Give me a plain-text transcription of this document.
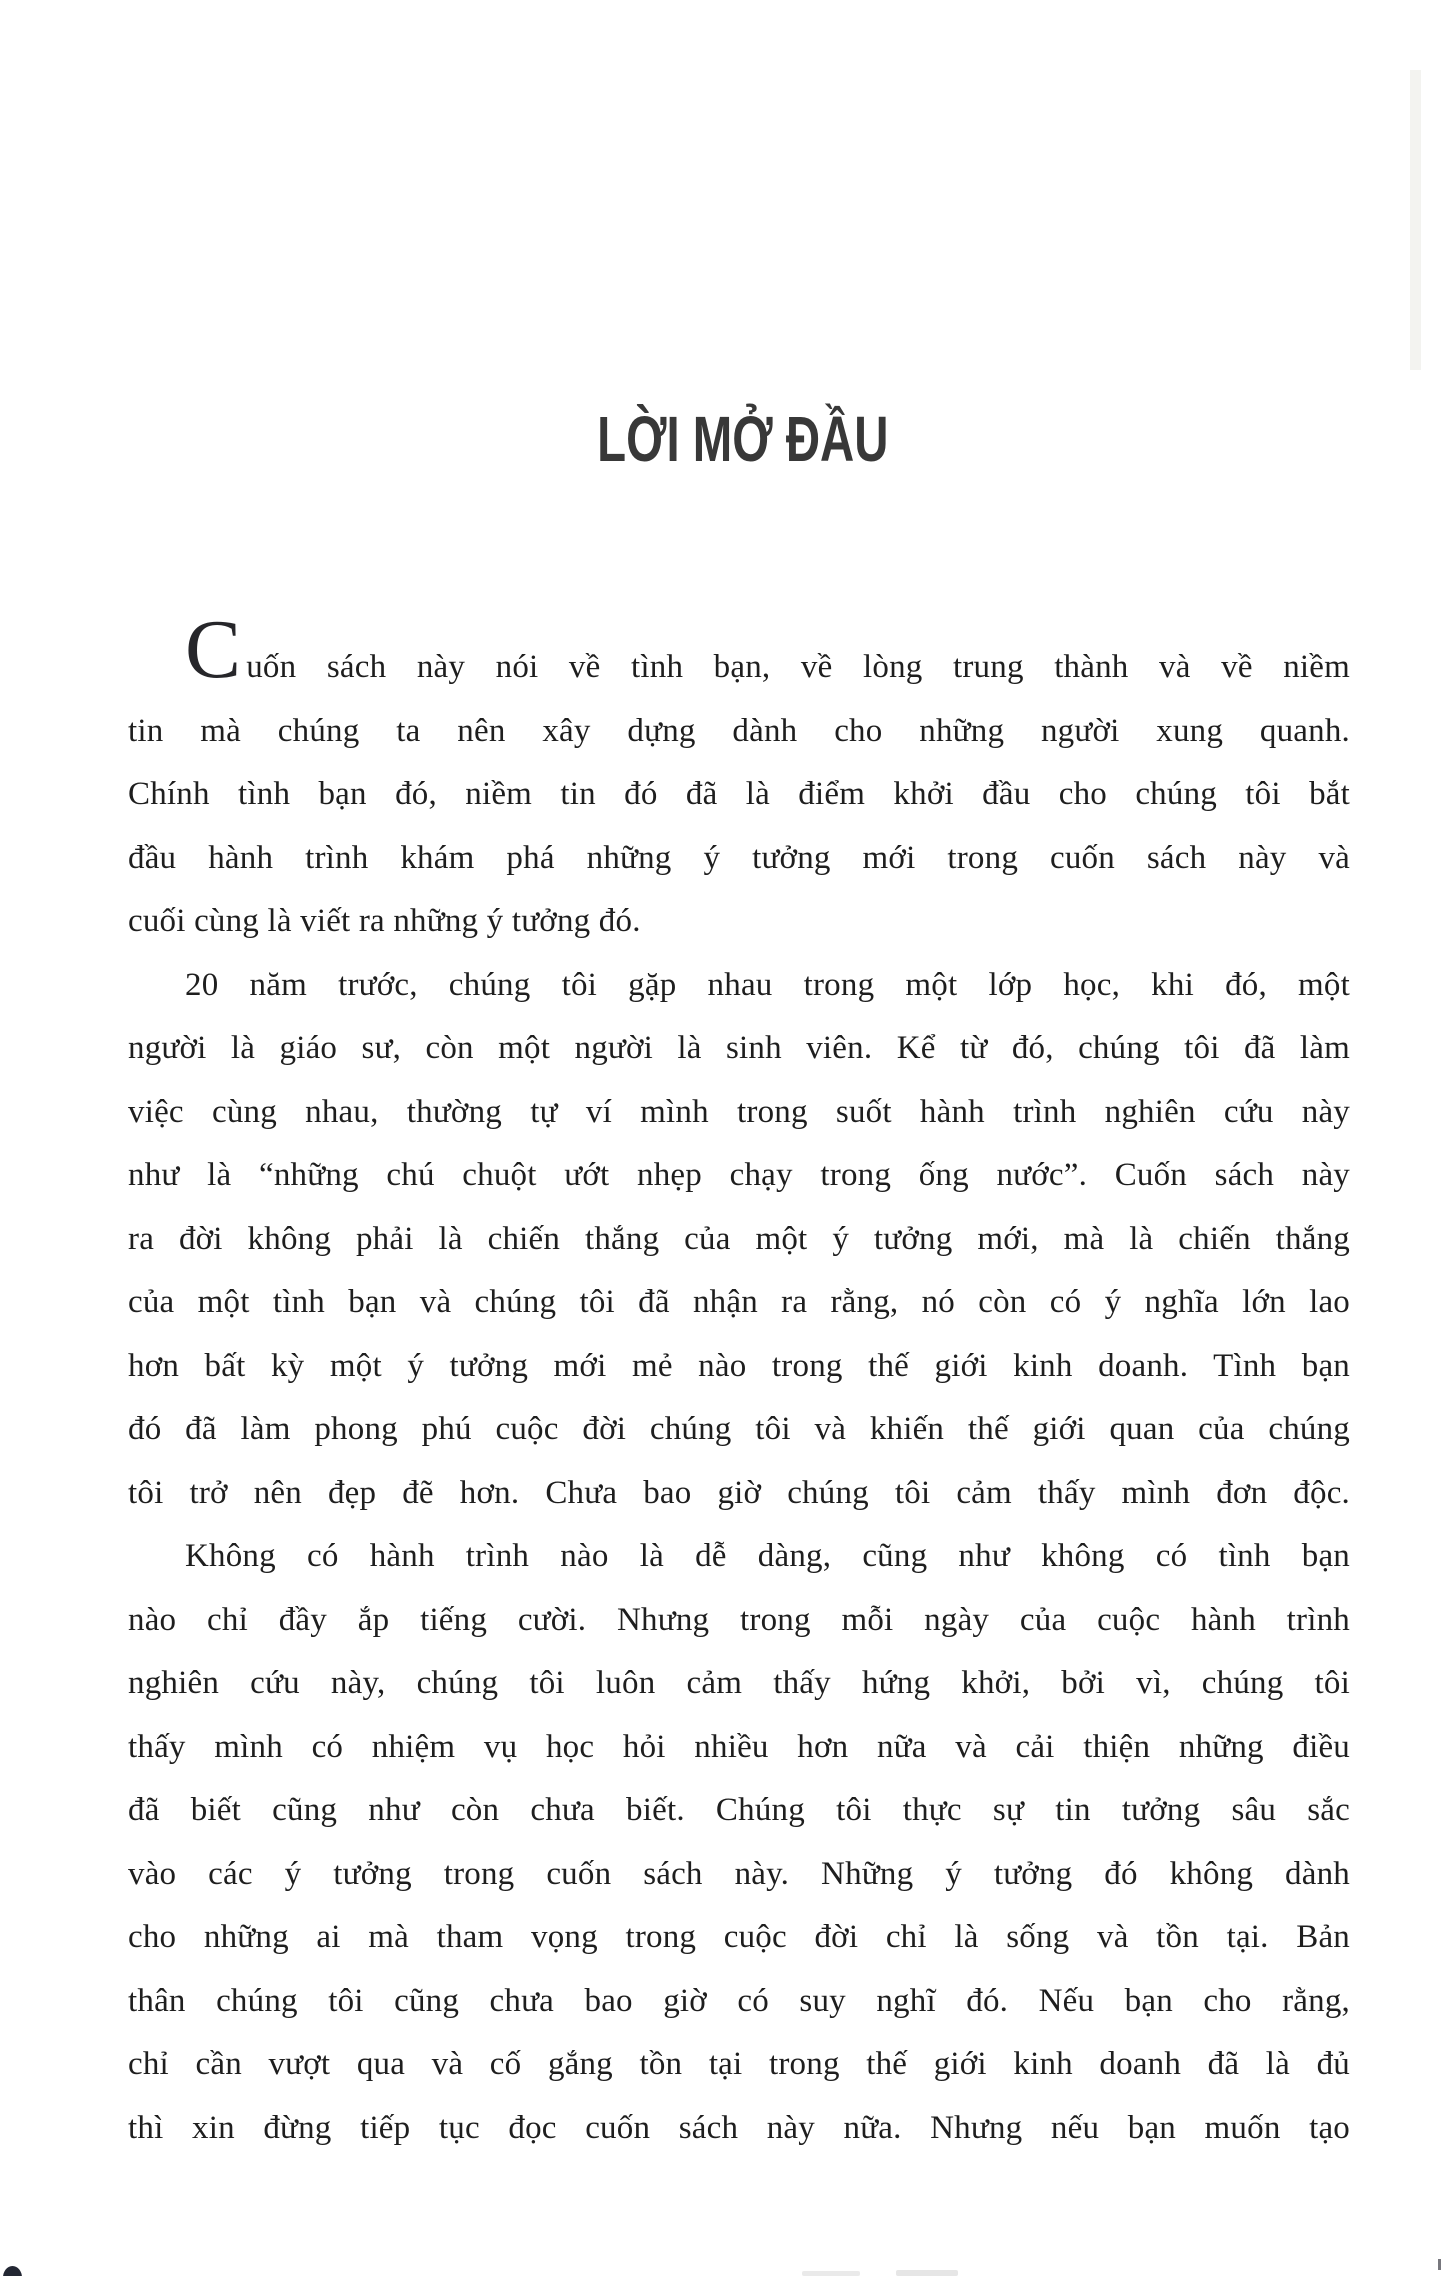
LỜI MỞ ĐẦU
Cuốn sách này nói về tình bạn, về lòng trung thành và về niềm
tin mà chúng ta nên xây dựng dành cho những người xung quanh.
Chính tình bạn đó, niềm tin đó đã là điểm khởi đầu cho chúng tôi bắt
đầu hành trình khám phá những ý tưởng mới trong cuốn sách này và
cuối cùng là viết ra những ý tưởng đó.
20 năm trước, chúng tôi gặp nhau trong một lớp học, khi đó, một
người là giáo sư, còn một người là sinh viên. Kể từ đó, chúng tôi đã làm
việc cùng nhau, thường tự ví mình trong suốt hành trình nghiên cứu này
như là “những chú chuột ướt nhẹp chạy trong ống nước”. Cuốn sách này
ra đời không phải là chiến thắng của một ý tưởng mới, mà là chiến thắng
của một tình bạn và chúng tôi đã nhận ra rằng, nó còn có ý nghĩa lớn lao
hơn bất kỳ một ý tưởng mới mẻ nào trong thế giới kinh doanh. Tình bạn
đó đã làm phong phú cuộc đời chúng tôi và khiến thế giới quan của chúng
tôi trở nên đẹp đẽ hơn. Chưa bao giờ chúng tôi cảm thấy mình đơn độc.
Không có hành trình nào là dễ dàng, cũng như không có tình bạn
nào chỉ đầy ắp tiếng cười. Nhưng trong mỗi ngày của cuộc hành trình
nghiên cứu này, chúng tôi luôn cảm thấy hứng khởi, bởi vì, chúng tôi
thấy mình có nhiệm vụ học hỏi nhiều hơn nữa và cải thiện những điều
đã biết cũng như còn chưa biết. Chúng tôi thực sự tin tưởng sâu sắc
vào các ý tưởng trong cuốn sách này. Những ý tưởng đó không dành
cho những ai mà tham vọng trong cuộc đời chỉ là sống và tồn tại. Bản
thân chúng tôi cũng chưa bao giờ có suy nghĩ đó. Nếu bạn cho rằng,
chỉ cần vượt qua và cố gắng tồn tại trong thế giới kinh doanh đã là đủ
thì xin đừng tiếp tục đọc cuốn sách này nữa. Nhưng nếu bạn muốn tạo
